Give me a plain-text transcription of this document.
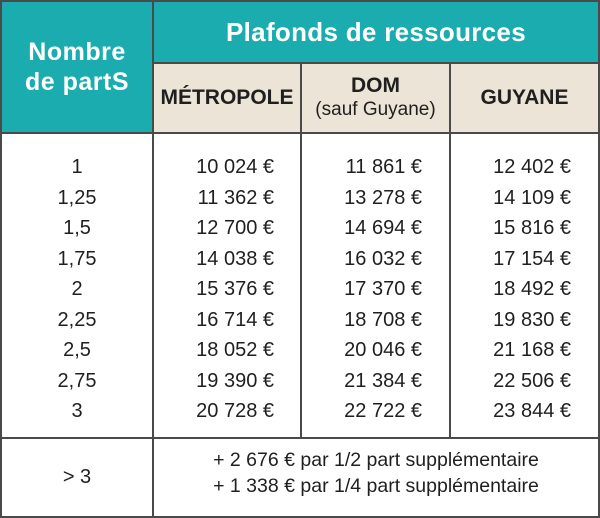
Nombre
de partS
Plafonds de ressources
MÉTROPOLE
DOM
(sauf Guyane)
GUYANE
1
1,25
1,5
1,75
2
2,25
2,5
2,75
3
10 024 €
11 362 €
12 700 €
14 038 €
15 376 €
16 714 €
18 052 €
19 390 €
20 728 €
11 861 €
13 278 €
14 694 €
16 032 €
17 370 €
18 708 €
20 046 €
21 384 €
22 722 €
12 402 €
14 109 €
15 816 €
17 154 €
18 492 €
19 830 €
21 168 €
22 506 €
23 844 €
> 3
+ 2 676 € par 1/2 part supplémentaire
+ 1 338 € par 1/4 part supplémentaire
